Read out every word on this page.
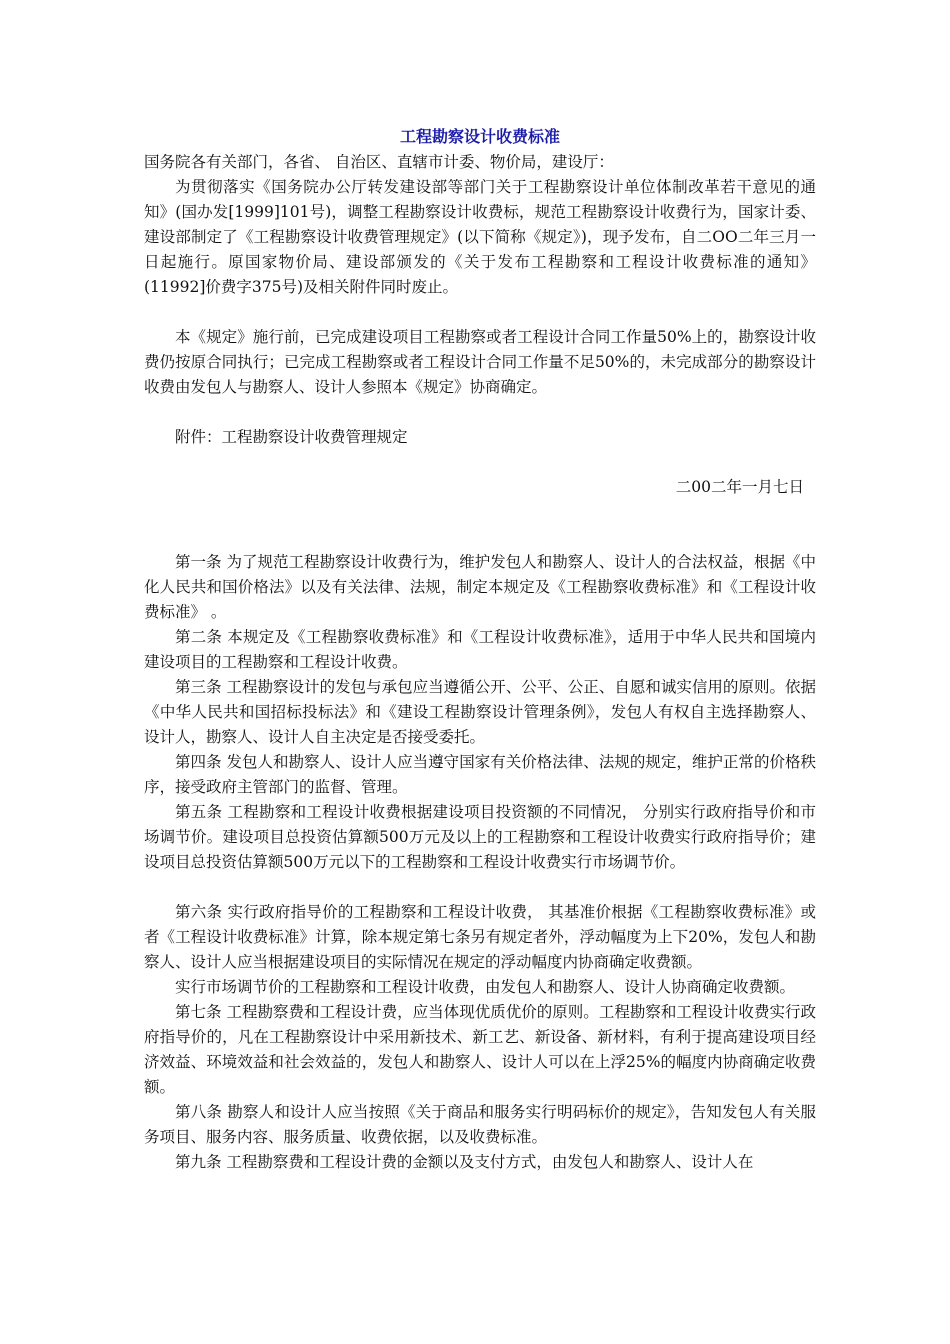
工程勘察设计收费标准

国务院各有关部门，各省、 自治区、直辖市计委、物价局，建设厅：

为贯彻落实《国务院办公厅转发建设部等部门关于工程勘察设计单位体制改革若干意见的通知》(国办发[1999]101号)，调整工程勘察设计收费标，规范工程勘察设计收费行为，国家计委、建设部制定了《工程勘察设计收费管理规定》(以下简称《规定》)，现予发布，自二OO二年三月一日起施行。原国家物价局、建设部颁发的《关于发布工程勘察和工程设计收费标准的通知》(11992]价费字375号)及相关附件同时废止。

本《规定》施行前，已完成建设项目工程勘察或者工程设计合同工作量50%上的，勘察设计收费仍按原合同执行；已完成工程勘察或者工程设计合同工作量不足50%的，未完成部分的勘察设计收费由发包人与勘察人、设计人参照本《规定》协商确定。

附件：工程勘察设计收费管理规定

二00二年一月七日

第一条 为了规范工程勘察设计收费行为，维护发包人和勘察人、设计人的合法权益，根据《中化人民共和国价格法》以及有关法律、法规，制定本规定及《工程勘察收费标准》和《工程设计收费标准》 。

第二条 本规定及《工程勘察收费标准》和《工程设计收费标准》，适用于中华人民共和国境内建设项目的工程勘察和工程设计收费。

第三条 工程勘察设计的发包与承包应当遵循公开、公平、公正、自愿和诚实信用的原则。依据《中华人民共和国招标投标法》和《建设工程勘察设计管理条例》，发包人有权自主选择勘察人、设计人，勘察人、设计人自主决定是否接受委托。

第四条 发包人和勘察人、设计人应当遵守国家有关价格法律、法规的规定，维护正常的价格秩序，接受政府主管部门的监督、管理。

第五条 工程勘察和工程设计收费根据建设项目投资额的不同情况， 分别实行政府指导价和市场调节价。建设项目总投资估算额500万元及以上的工程勘察和工程设计收费实行政府指导价；建设项目总投资估算额500万元以下的工程勘察和工程设计收费实行市场调节价。

第六条 实行政府指导价的工程勘察和工程设计收费， 其基准价根据《工程勘察收费标准》或者《工程设计收费标准》计算，除本规定第七条另有规定者外，浮动幅度为上下20%，发包人和勘察人、设计人应当根据建设项目的实际情况在规定的浮动幅度内协商确定收费额。

实行市场调节价的工程勘察和工程设计收费，由发包人和勘察人、设计人协商确定收费额。

第七条 工程勘察费和工程设计费，应当体现优质优价的原则。工程勘察和工程设计收费实行政府指导价的，凡在工程勘察设计中采用新技术、新工艺、新设备、新材料，有利于提高建设项目经济效益、环境效益和社会效益的，发包人和勘察人、设计人可以在上浮25%的幅度内协商确定收费额。

第八条 勘察人和设计人应当按照《关于商品和服务实行明码标价的规定》，告知发包人有关服务项目、服务内容、服务质量、收费依据，以及收费标准。

第九条 工程勘察费和工程设计费的金额以及支付方式，由发包人和勘察人、设计人在
